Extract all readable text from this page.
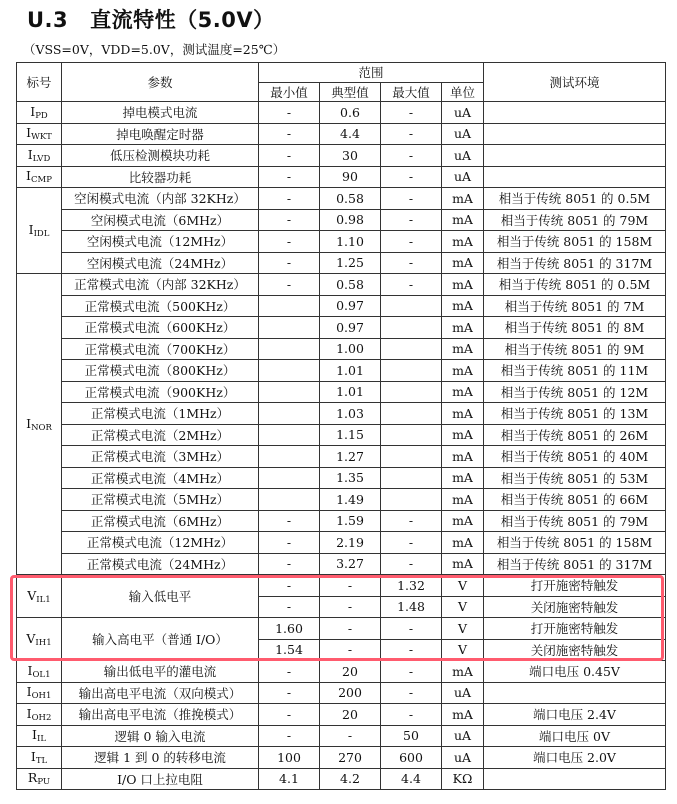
U.3 直流特性（5.0V）
（VSS=0V，VDD=5.0V，测试温度=25℃）
标号	参数	范围				测试环境
		最小值	典型值	最大值	单位	
$I_{PD}$	掉电模式电流	-	0.6	-	uA	
$I_{WKT}$	掉电唤醒定时器	-	4.4	-	uA	
$I_{LVD}$	低压检测模块功耗	-	30	-	uA	
$I_{CMP}$	比较器功耗	-	90	-	uA	
$I_{IDL}$	空闲模式电流（内部 32KHz）	-	0.58	-	mA	相当于传统 8051 的 0.5M
	空闲模式电流（6MHz）	-	0.98	-	mA	相当于传统 8051 的 79M
	空闲模式电流（12MHz）	-	1.10	-	mA	相当于传统 8051 的 158M
	空闲模式电流（24MHz）	-	1.25	-	mA	相当于传统 8051 的 317M
$I_{NOR}$	正常模式电流（内部 32KHz）	-	0.58	-	mA	相当于传统 8051 的 0.5M
	正常模式电流（500KHz）		0.97		mA	相当于传统 8051 的 7M
	正常模式电流（600KHz）		0.97		mA	相当于传统 8051 的 8M
	正常模式电流（700KHz）		1.00		mA	相当于传统 8051 的 9M
	正常模式电流（800KHz）		1.01		mA	相当于传统 8051 的 11M
	正常模式电流（900KHz）		1.01		mA	相当于传统 8051 的 12M
	正常模式电流（1MHz）		1.03		mA	相当于传统 8051 的 13M
	正常模式电流（2MHz）		1.15		mA	相当于传统 8051 的 26M
	正常模式电流（3MHz）		1.27		mA	相当于传统 8051 的 40M
	正常模式电流（4MHz）		1.35		mA	相当于传统 8051 的 53M
	正常模式电流（5MHz）		1.49		mA	相当于传统 8051 的 66M
	正常模式电流（6MHz）	-	1.59	-	mA	相当于传统 8051 的 79M
	正常模式电流（12MHz）	-	2.19	-	mA	相当于传统 8051 的 158M
	正常模式电流（24MHz）	-	3.27	-	mA	相当于传统 8051 的 317M
$V_{IL1}$	输入低电平	-	-	1.32	V	打开施密特触发
		-	-	1.48	V	关闭施密特触发
$V_{IH1}$	输入高电平（普通 I/O）	1.60	-	-	V	打开施密特触发
		1.54	-	-	V	关闭施密特触发
$I_{OL1}$	输出低电平的灌电流	-	20	-	mA	端口电压 0.45V
$I_{OH1}$	输出高电平电流（双向模式）	-	200	-	uA	
$I_{OH2}$	输出高电平电流（推挽模式）	-	20	-	mA	端口电压 2.4V
$I_{IL}$	逻辑 0 输入电流	-	-	50	uA	端口电压 0V
$I_{TL}$	逻辑 1 到 0 的转移电流	100	270	600	uA	端口电压 2.0V
$R_{PU}$	I/O 口上拉电阻	4.1	4.2	4.4	KΩ	
